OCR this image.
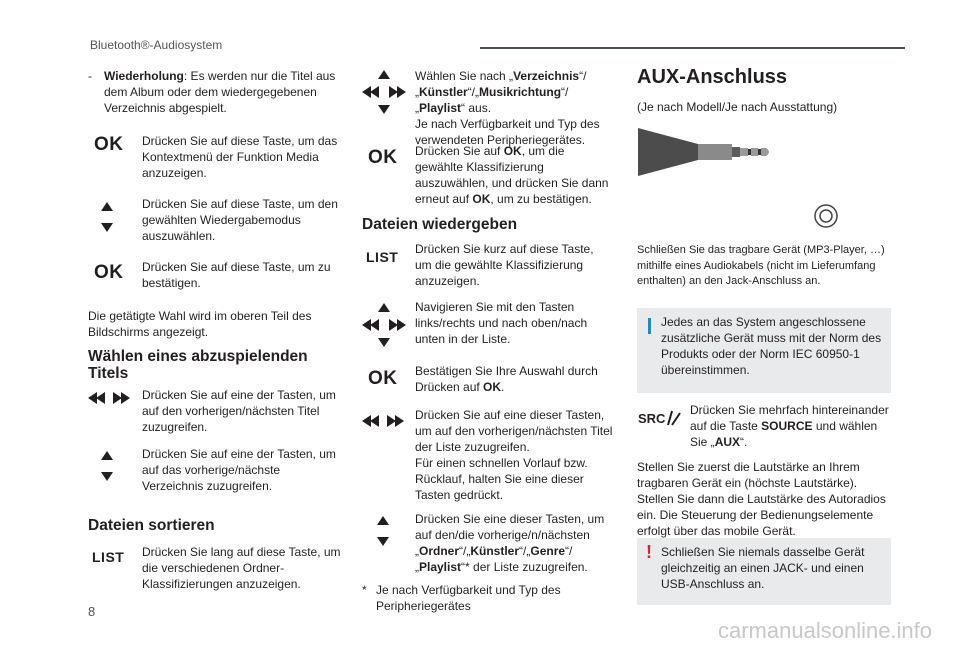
Bluetooth®-Audiosystem
-	Wiederholung: Es werden nur die Titel aus dem Album oder dem wiedergegebenen Verzeichnis abgespielt.
OK Drücken Sie auf diese Taste, um das Kontextmenü der Funktion Media anzuzeigen.
Drücken Sie auf diese Taste, um den gewählten Wiedergabemodus auszuwählen.
OK Drücken Sie auf diese Taste, um zu bestätigen.
Die getätigte Wahl wird im oberen Teil des Bildschirms angezeigt.
Wählen eines abzuspielenden Titels
Drücken Sie auf eine der Tasten, um auf den vorherigen/nächsten Titel zuzugreifen.
Drücken Sie auf eine der Tasten, um auf das vorherige/nächste Verzeichnis zuzugreifen.
Dateien sortieren
LIST Drücken Sie lang auf diese Taste, um die verschiedenen Ordner-Klassifizierungen anzuzeigen.
Wählen Sie nach „Verzeichnis“/„Künstler“/„Musikrichtung“/„Playlist“ aus.
Je nach Verfügbarkeit und Typ des verwendeten Peripheriegerätes.
OK Drücken Sie auf OK, um die gewählte Klassifizierung auszuwählen, und drücken Sie dann erneut auf OK, um zu bestätigen.
Dateien wiedergeben
LIST Drücken Sie kurz auf diese Taste, um die gewählte Klassifizierung anzuzeigen.
Navigieren Sie mit den Tasten links/rechts und nach oben/nach unten in der Liste.
OK Bestätigen Sie Ihre Auswahl durch Drücken auf OK.
Drücken Sie auf eine dieser Tasten, um auf den vorherigen/nächsten Titel der Liste zuzugreifen.
Für einen schnellen Vorlauf bzw. Rücklauf, halten Sie eine dieser Tasten gedrückt.
Drücken Sie eine dieser Tasten, um auf den/die vorherige/n/nächsten „Ordner“/„Künstler“/„Genre“/„Playlist“* der Liste zuzugreifen.
* Je nach Verfügbarkeit und Typ des Peripheriegerätes
AUX-Anschluss
(Je nach Modell/Je nach Ausstattung)
Schließen Sie das tragbare Gerät (MP3-Player, …) mithilfe eines Audiokabels (nicht im Lieferumfang enthalten) an den Jack-Anschluss an.
Jedes an das System angeschlossene zusätzliche Gerät muss mit der Norm des Produkts oder der Norm IEC 60950-1 übereinstimmen.
SRC
Drücken Sie mehrfach hintereinander auf die Taste SOURCE und wählen Sie „AUX“.
Stellen Sie zuerst die Lautstärke an Ihrem tragbaren Gerät ein (höchste Lautstärke). Stellen Sie dann die Lautstärke des Autoradios ein. Die Steuerung der Bedienungselemente erfolgt über das mobile Gerät.
! Schließen Sie niemals dasselbe Gerät gleichzeitig an einen JACK- und einen USB-Anschluss an.
8
carmanualsonline.info
